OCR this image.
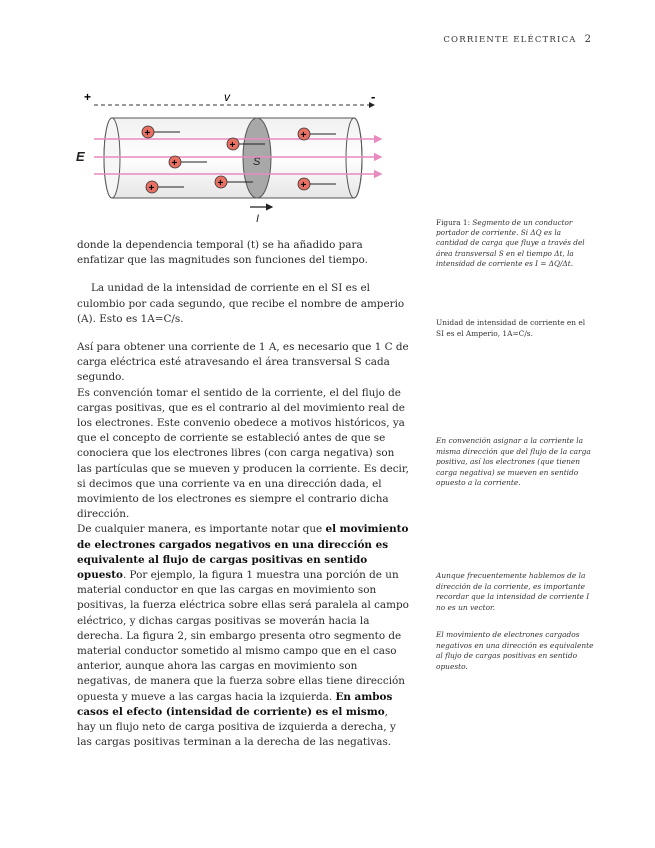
CORRIENTE ELÉCTRICA 2
+	-
v
S
E
+
+
+
+
+
+
+
I	Figura 1: Segmento de un conductor portador de corriente. Si ΔQ es la cantidad de carga que fluye a través del área transversal S en el tiempo Δt, la intensidad de corriente es I = ΔQ/Δt.

donde la dependencia temporal (t) se ha añadido para enfatizar que las magnitudes son funciones del tiempo.

La unidad de la intensidad de corriente en el SI es el culombio por cada segundo, que recibe el nombre de amperio (A). Esto es 1A=C/s.

Así para obtener una corriente de 1 A, es necesario que 1 C de carga eléctrica esté atravesando el área transversal S cada segundo.

Es convención tomar el sentido de la corriente, el del flujo de cargas positivas, que es el contrario al del movimiento real de los electrones. Este convenio obedece a motivos históricos, ya que el concepto de corriente se estableció antes de que se conociera que los electrones libres (con carga negativa) son las partículas que se mueven y producen la corriente. Es decir, si decimos que una corriente va en una dirección dada, el movimiento de los electrones es siempre el contrario dicha dirección.

De cualquier manera, es importante notar que el movimiento de electrones cargados negativos en una dirección es equivalente al flujo de cargas positivas en sentido opuesto. Por ejemplo, la figura 1 muestra una porción de un material conductor en que las cargas en movimiento son positivas, la fuerza eléctrica sobre ellas será paralela al campo eléctrico, y dichas cargas positivas se moverán hacia la derecha. La figura 2, sin embargo presenta otro segmento de material conductor sometido al mismo campo que en el caso anterior, aunque ahora las cargas en movimiento son negativas, de manera que la fuerza sobre ellas tiene dirección opuesta y mueve a las cargas hacia la izquierda. En ambos casos el efecto (intensidad de corriente) es el mismo, hay un flujo neto de carga positiva de izquierda a derecha, y las cargas positivas terminan a la derecha de las negativas.

Unidad de intensidad de corriente en el SI es el Amperio, 1A=C/s.
En convención asignar a la corriente la misma dirección que del flujo de la carga positiva, así los electrones (que tienen carga negativa) se mueven en sentido opuesto a la corriente.
Aunque frecuentemente hablemos de la dirección de la corriente, es importante recordar que la intensidad de corriente I no es un vector.
El movimiento de electrones cargados negativos en una dirección es equivalente al flujo de cargas positivas en sentido opuesto.
